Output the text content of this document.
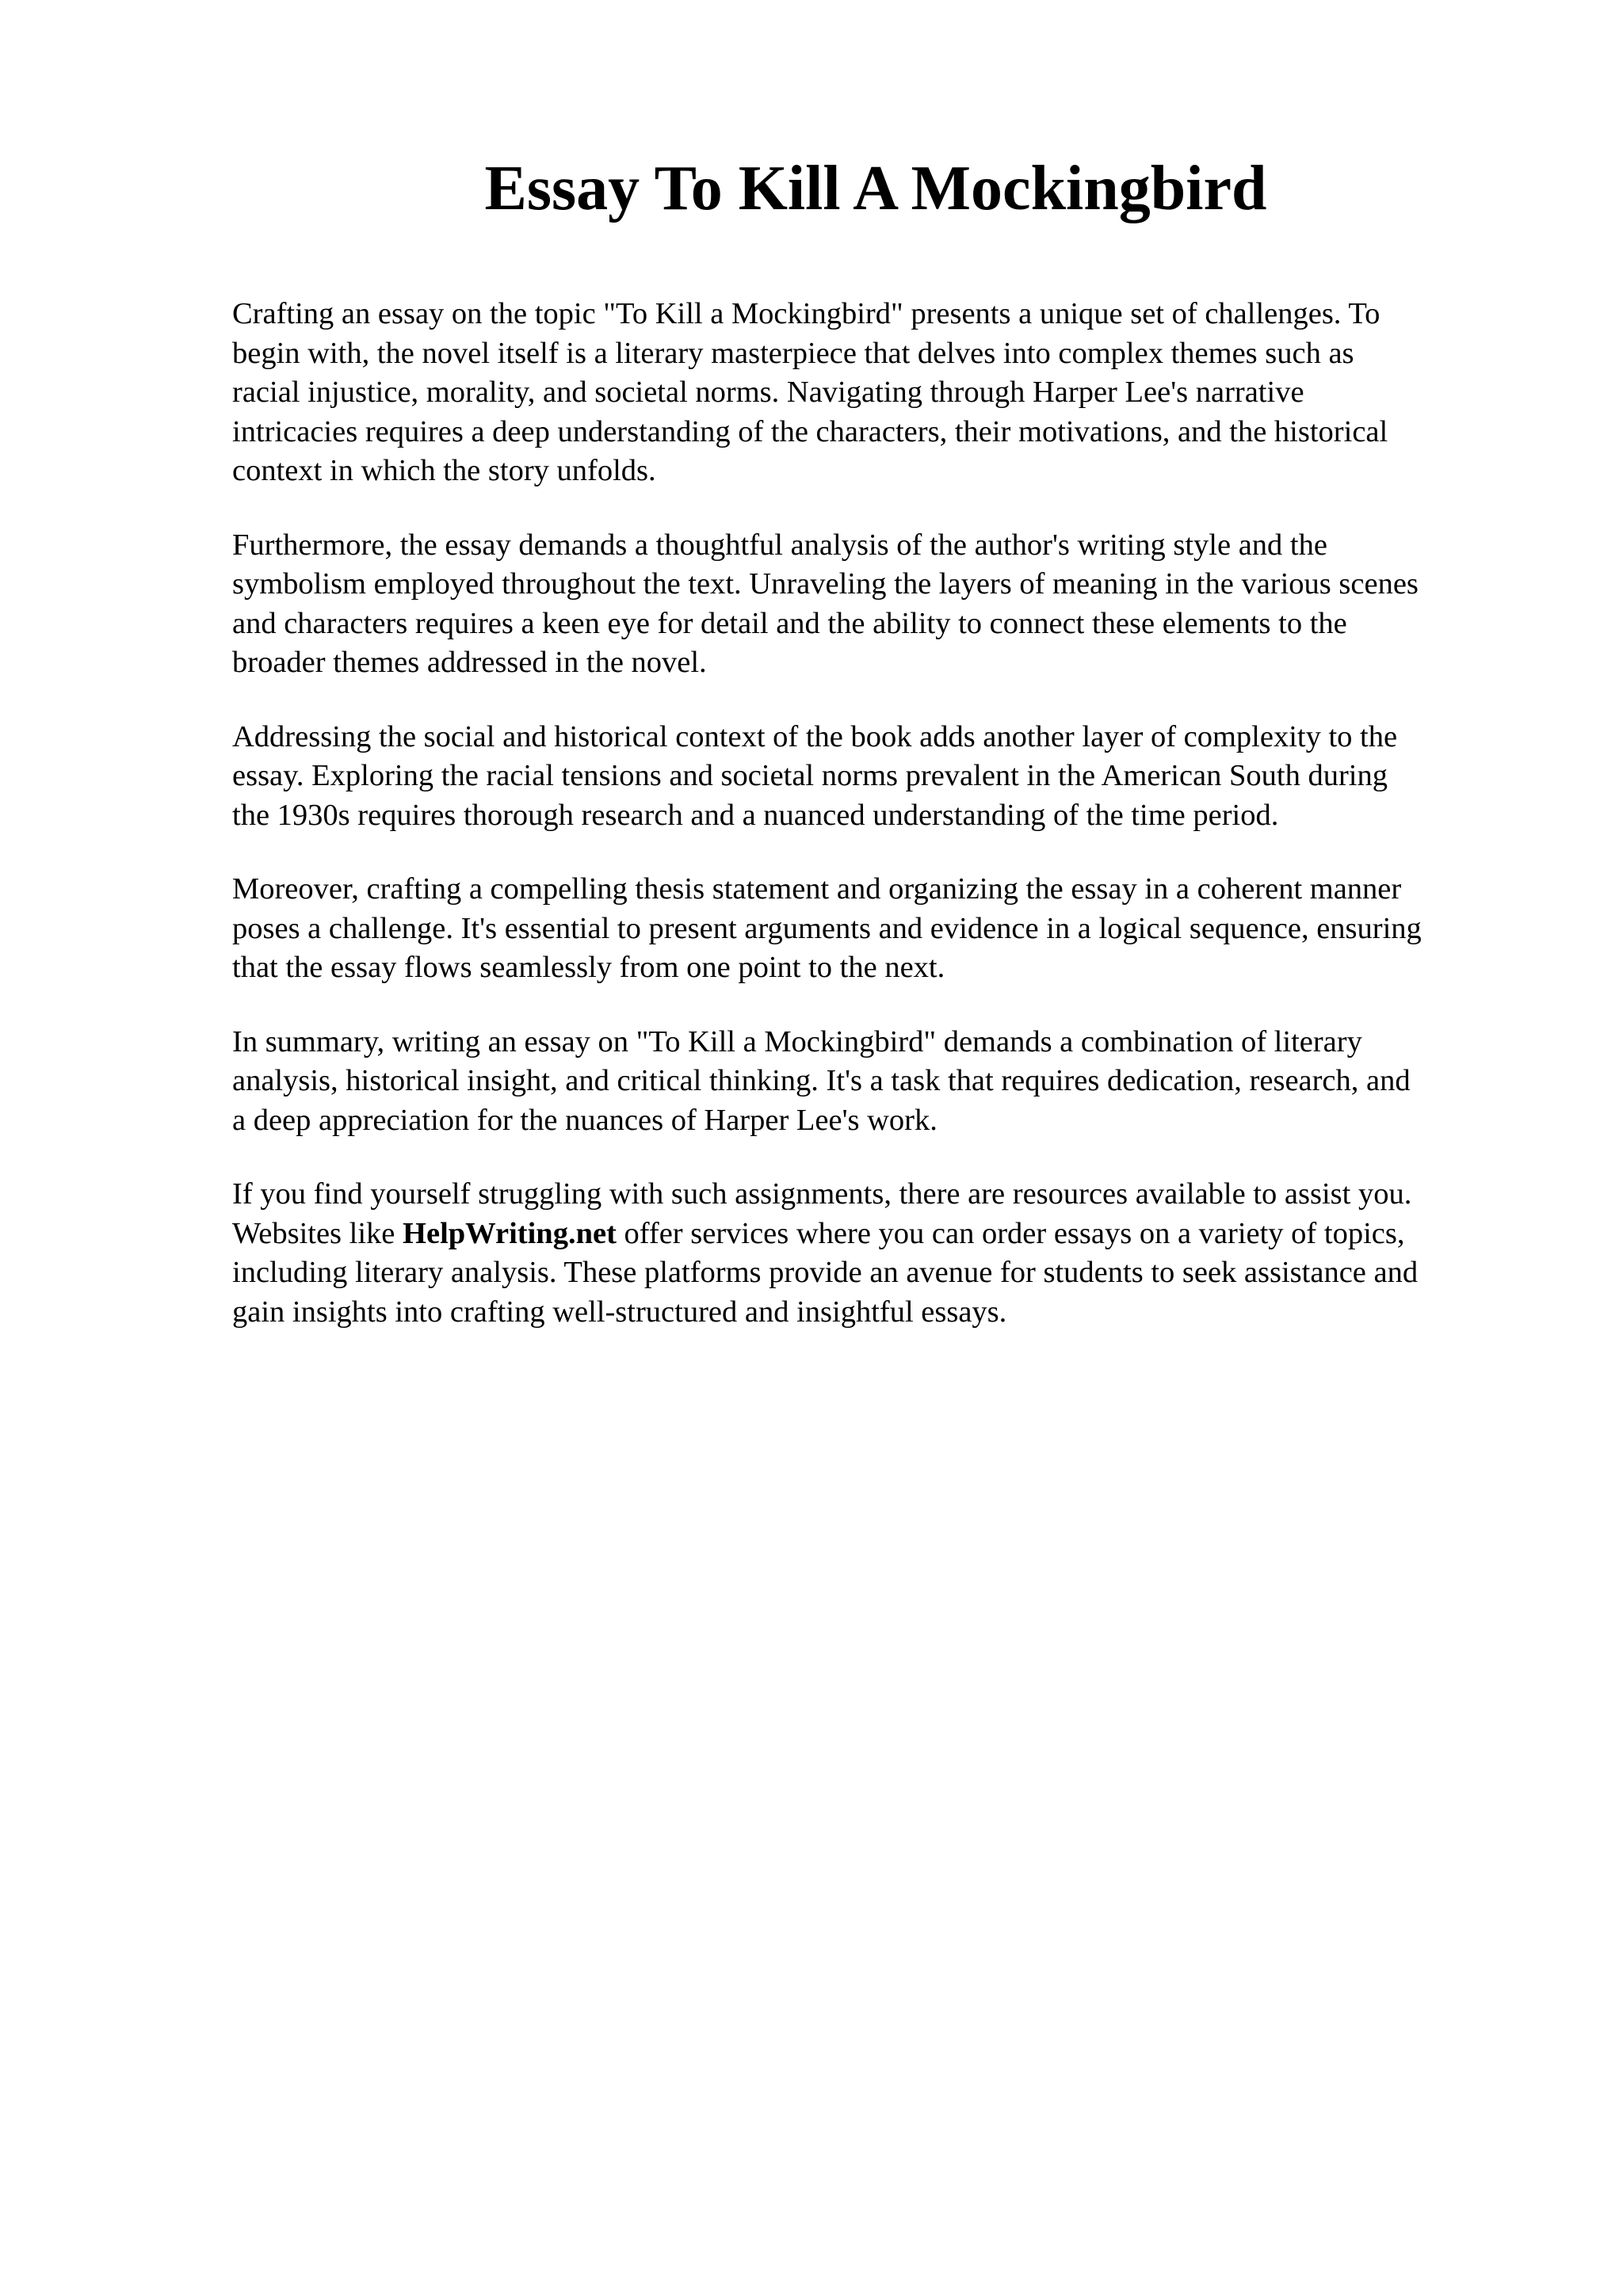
Essay To Kill A Mockingbird

Crafting an essay on the topic "To Kill a Mockingbird" presents a unique set of challenges. To
begin with, the novel itself is a literary masterpiece that delves into complex themes such as
racial injustice, morality, and societal norms. Navigating through Harper Lee's narrative
intricacies requires a deep understanding of the characters, their motivations, and the historical
context in which the story unfolds.

Furthermore, the essay demands a thoughtful analysis of the author's writing style and the
symbolism employed throughout the text. Unraveling the layers of meaning in the various scenes
and characters requires a keen eye for detail and the ability to connect these elements to the
broader themes addressed in the novel.

Addressing the social and historical context of the book adds another layer of complexity to the
essay. Exploring the racial tensions and societal norms prevalent in the American South during
the 1930s requires thorough research and a nuanced understanding of the time period.

Moreover, crafting a compelling thesis statement and organizing the essay in a coherent manner
poses a challenge. It's essential to present arguments and evidence in a logical sequence, ensuring
that the essay flows seamlessly from one point to the next.

In summary, writing an essay on "To Kill a Mockingbird" demands a combination of literary
analysis, historical insight, and critical thinking. It's a task that requires dedication, research, and
a deep appreciation for the nuances of Harper Lee's work.

If you find yourself struggling with such assignments, there are resources available to assist you.
Websites like HelpWriting.net offer services where you can order essays on a variety of topics,
including literary analysis. These platforms provide an avenue for students to seek assistance and
gain insights into crafting well-structured and insightful essays.
